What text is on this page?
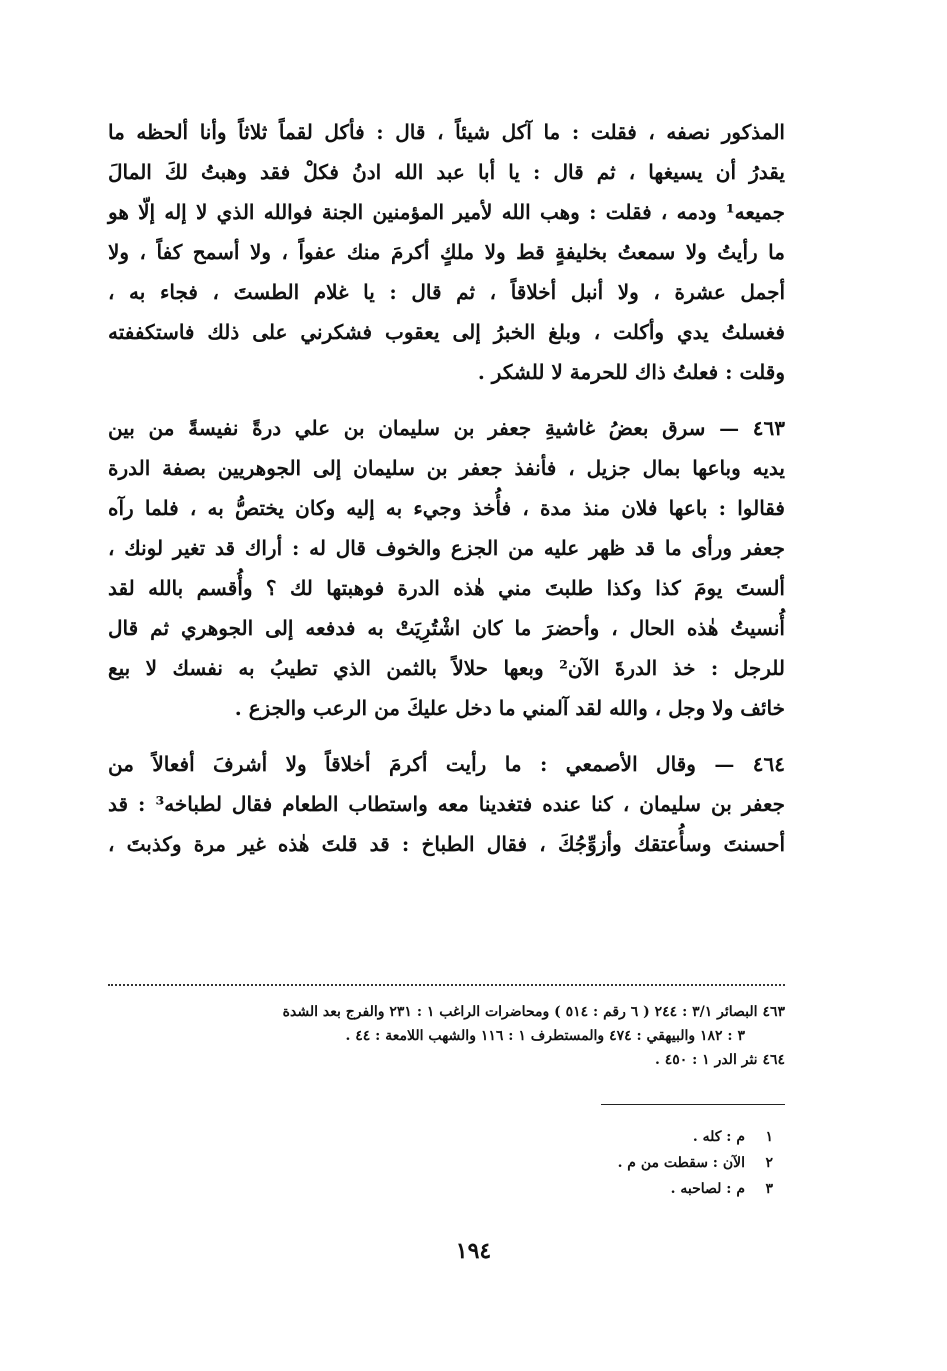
المذكور نصفه ، فقلت : ما آكل شيئاً ، قال : فأكل لقماً ثلاثاً وأنا ألحظه ما
يقدرُ أن يسيغها ، ثم قال : يا أبا عبد الله ادنُ فكلْ فقد وهبتُ لكَ المالَ
جميعه¹ ودمه ، فقلت : وهب الله لأمير المؤمنين الجنة فوالله الذي لا إله إلّا هو
ما رأيتُ ولا سمعتُ بخليفةٍ قط ولا ملكٍ أكرمَ منك عفواً ، ولا أسمح كفاً ، ولا
أجمل عشرة ، ولا أنبل أخلاقاً ، ثم قال : يا غلام الطستَ ، فجاء به ،
فغسلتُ يدي وأكلت ، وبلغ الخبرُ إلى يعقوب فشكرني على ذلك فاستكففته
وقلت : فعلتُ ذاك للحرمة لا للشكر .

٤٦٣ — سرق بعضُ غاشيةِ جعفر بن سليمان بن علي درةً نفيسةً من بين
يديه وباعها بمال جزيل ، فأنفذ جعفر بن سليمان إلى الجوهريين بصفة الدرة
فقالوا : باعها فلان منذ مدة ، فأُخذ وجيء به إليه وكان يختصُّ به ، فلما رآه
جعفر ورأى ما قد ظهر عليه من الجزع والخوف قال له : أراك قد تغير لونك ،
ألستَ يومَ كذا وكذا طلبتَ مني هٰذه الدرة فوهبتها لك ؟ وأُقسم بالله لقد
أُنسيتُ هٰذه الحال ، وأحضرَ ما كان اشْتُرِيَتْ به فدفعه إلى الجوهري ثم قال
للرجل : خذ الدرةَ الآن² وبعها حلالاً بالثمن الذي تطيبُ به نفسك لا بيع
خائف ولا وجل ، والله لقد آلمني ما دخل عليكَ من الرعب والجزع .

٤٦٤ — وقال الأصمعي : ما رأيت أكرمَ أخلاقاً ولا أشرفَ أفعالاً من
جعفر بن سليمان ، كنا عنده فتغدينا معه واستطاب الطعام فقال لطباخه³ : قد
أحسنتَ وسأُعتقك وأزوِّجُكَ ، فقال الطباخ : قد قلتَ هٰذه غير مرة وكذبتَ ،

٤٦٣ البصائر ٣/١ : ٢٤٤ ( ٦ رقم : ٥١٤ ) ومحاضرات الراغب ١ : ٢٣١ والفرج بعد الشدة
٣ : ١٨٢ والبيهقي : ٤٧٤ والمستطرف ١ : ١١٦ والشهب اللامعة : ٤٤ .
٤٦٤ نثر الدر ١ : ٤٥٠ .
١م : كله .
٢الآن : سقطت من م .
٣م : لصاحبه .
١٩٤
